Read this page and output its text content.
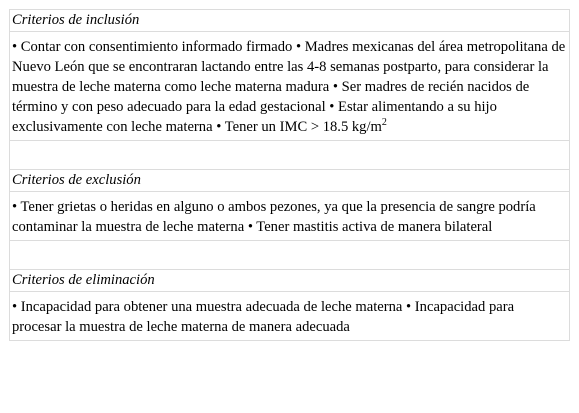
Criterios de inclusión
• Contar con consentimiento informado firmado • Madres mexicanas del área metropolitana de Nuevo León que se encontraran lactando entre las 4-8 semanas postparto, para considerar la muestra de leche materna como leche materna madura • Ser madres de recién nacidos de término y con peso adecuado para la edad gestacional • Estar alimentando a su hijo exclusivamente con leche materna • Tener un IMC > 18.5 $kg/m^2$

Criterios de exclusión
• Tener grietas o heridas en alguno o ambos pezones, ya que la presencia de sangre podría contaminar la muestra de leche materna • Tener mastitis activa de manera bilateral

Criterios de eliminación
• Incapacidad para obtener una muestra adecuada de leche materna • Incapacidad para procesar la muestra de leche materna de manera adecuada
